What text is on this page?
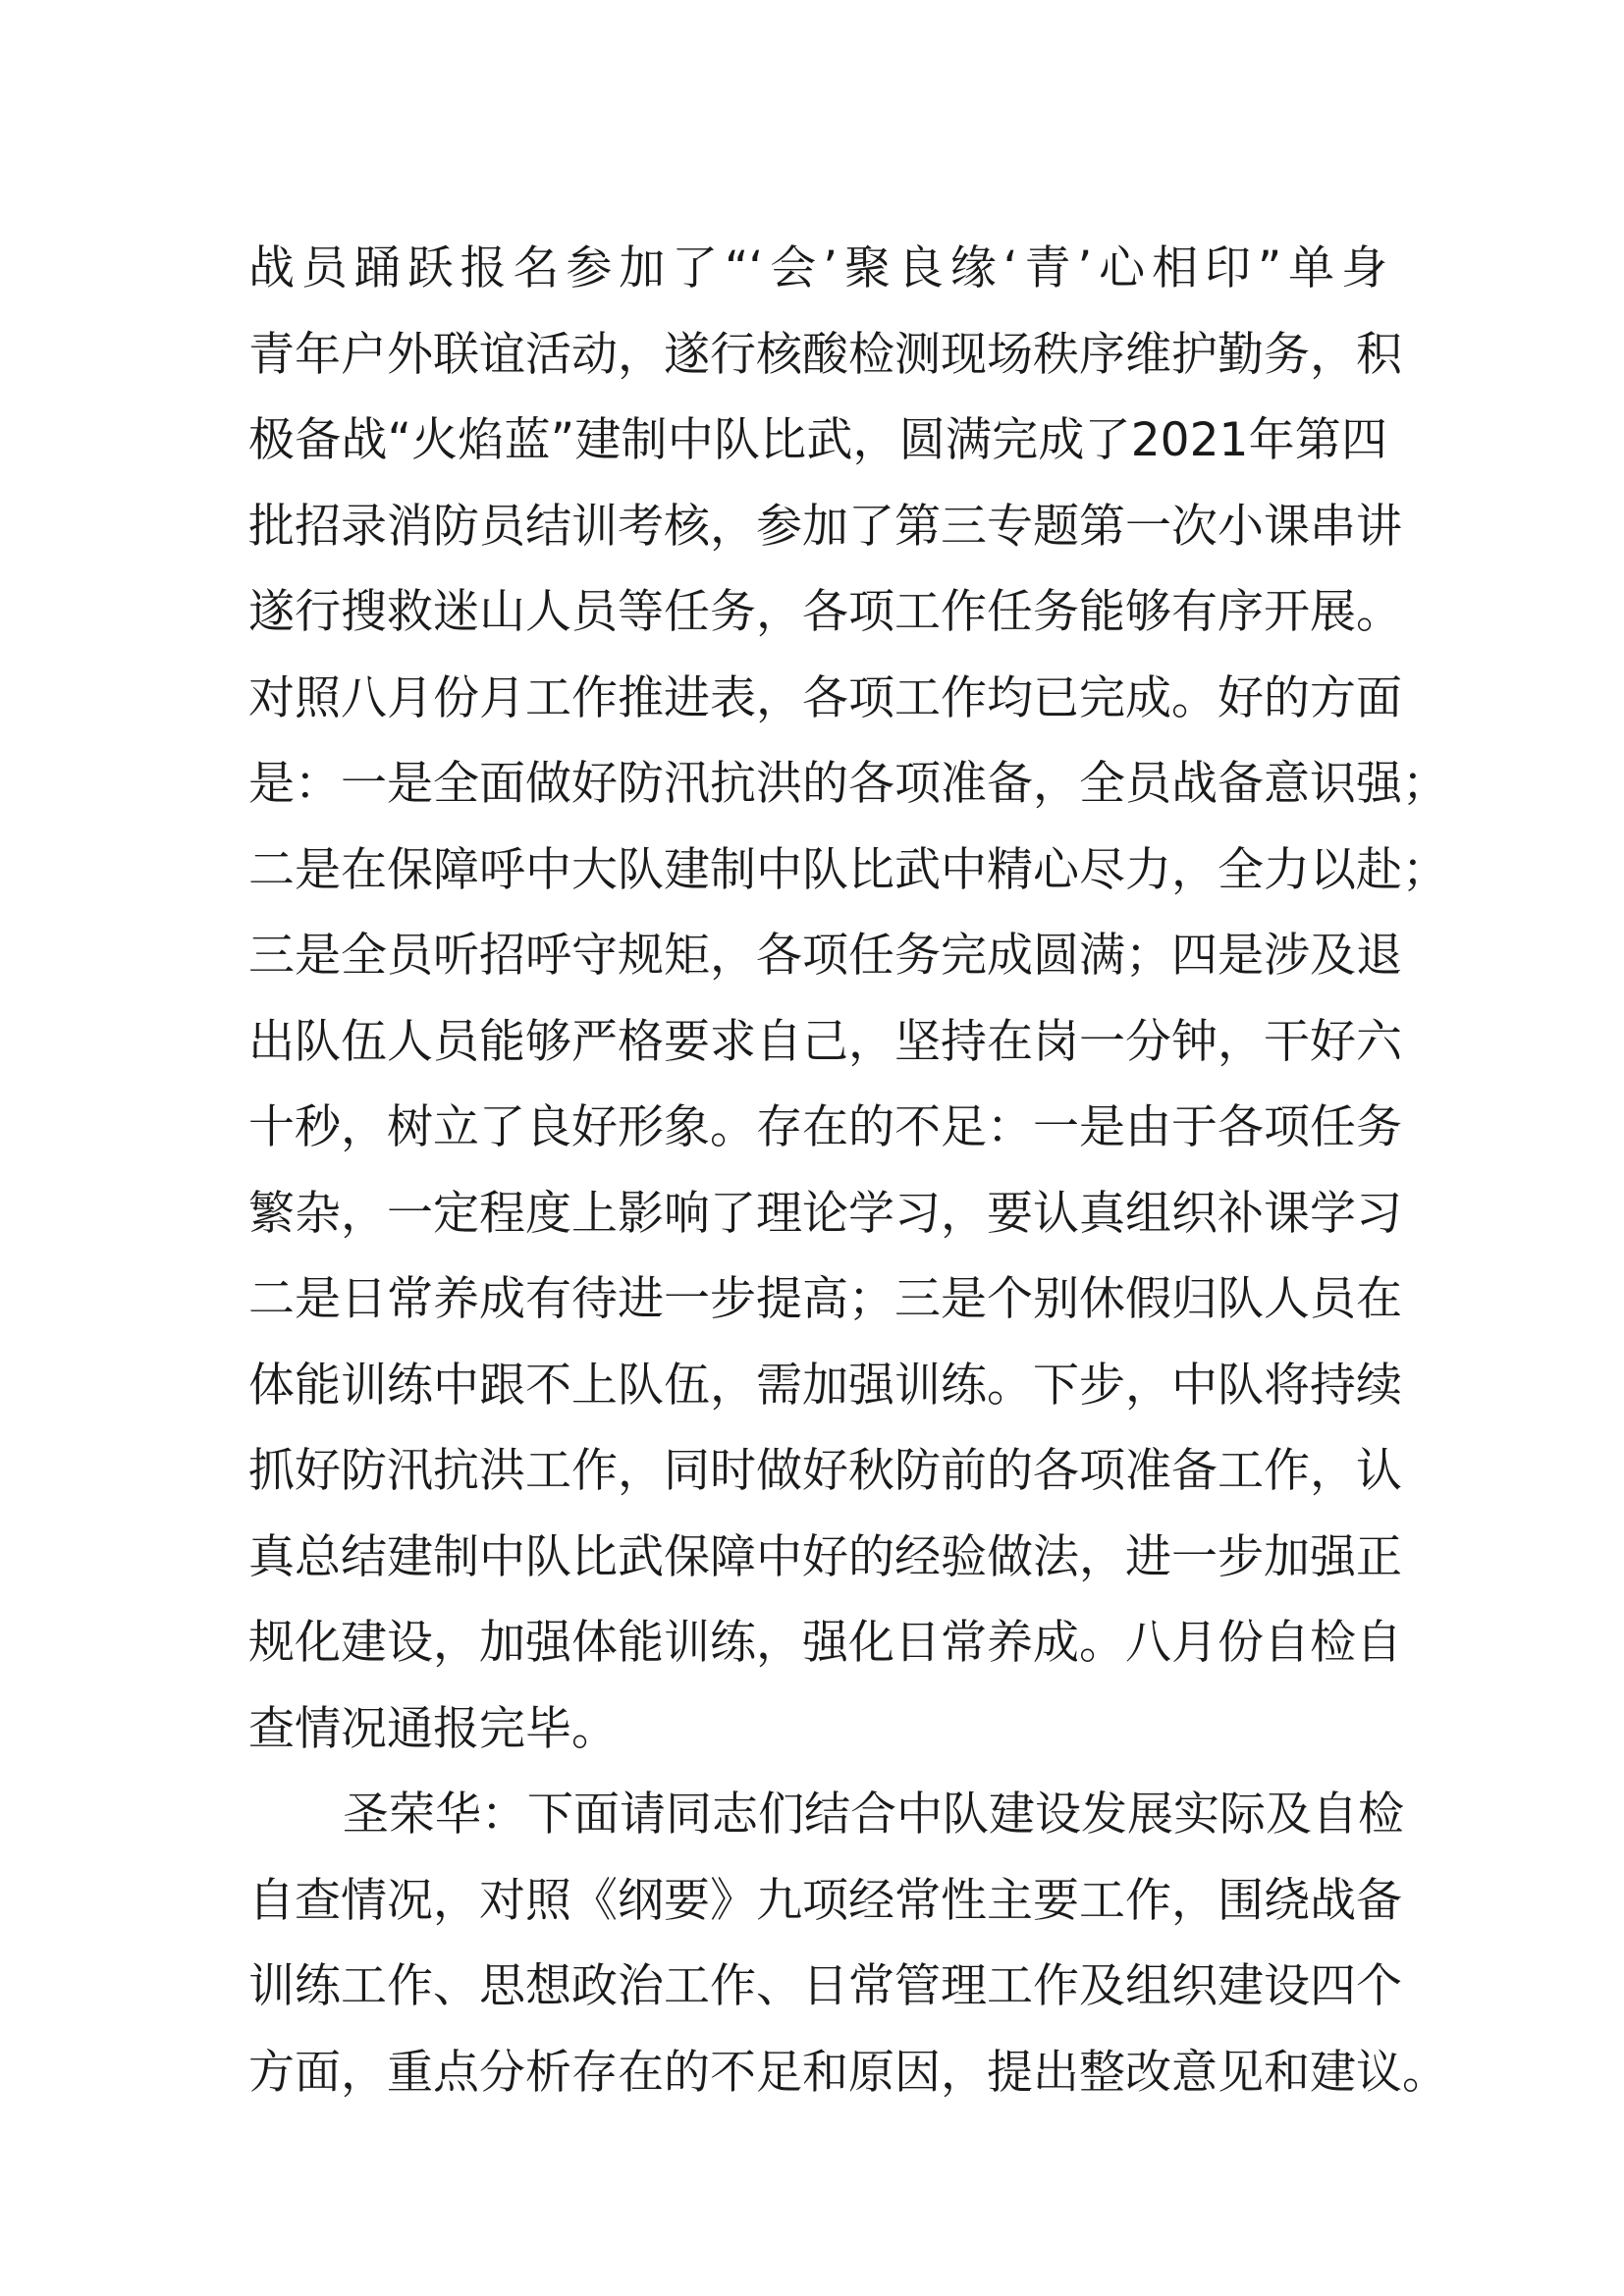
战员踊跃报名参加了“‘会’聚良缘‘青’心相印”单身
青年户外联谊活动，遂行核酸检测现场秩序维护勤务，积
极备战“火焰蓝”建制中队比武，圆满完成了2021年第四
批招录消防员结训考核，参加了第三专题第一次小课串讲
遂行搜救迷山人员等任务，各项工作任务能够有序开展。
对照八月份月工作推进表，各项工作均已完成。好的方面
是：一是全面做好防汛抗洪的各项准备，全员战备意识强；
二是在保障呼中大队建制中队比武中精心尽力，全力以赴；
三是全员听招呼守规矩，各项任务完成圆满；四是涉及退
出队伍人员能够严格要求自己，坚持在岗一分钟，干好六
十秒，树立了良好形象。存在的不足：一是由于各项任务
繁杂，一定程度上影响了理论学习，要认真组织补课学习
二是日常养成有待进一步提高；三是个别休假归队人员在
体能训练中跟不上队伍，需加强训练。下步，中队将持续
抓好防汛抗洪工作，同时做好秋防前的各项准备工作，认
真总结建制中队比武保障中好的经验做法，进一步加强正
规化建设，加强体能训练，强化日常养成。八月份自检自
查情况通报完毕。
圣荣华：下面请同志们结合中队建设发展实际及自检
自查情况，对照《纲要》九项经常性主要工作，围绕战备
训练工作、思想政治工作、日常管理工作及组织建设四个
方面，重点分析存在的不足和原因，提出整改意见和建议。
